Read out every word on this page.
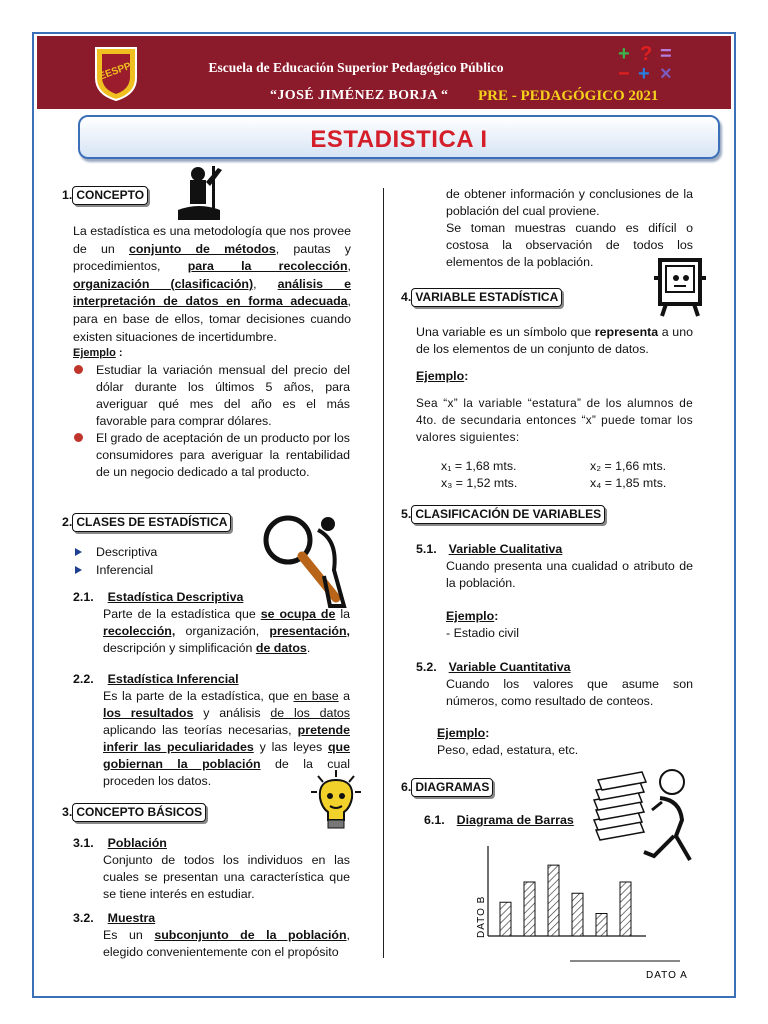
EESPP	Escuela de Educación Superior Pedagógico Público
“JOSÉ JIMÉNEZ BORJA “ PRE - PEDAGÓGICO 2021
+ ? =
− + ×
ESTADISTICA I
1. CONCEPTO
La estadística es una metodología que nos provee de un conjunto de métodos, pautas y procedimientos, para la recolección, organización (clasificación), análisis e interpretación de datos en forma adecuada, para en base de ellos, tomar decisiones cuando existen situaciones de incertidumbre.
Ejemplo :
Estudiar la variación mensual del precio del dólar durante los últimos 5 años, para averiguar qué mes del año es el más favorable para comprar dólares.
El grado de aceptación de un producto por los consumidores para averiguar la rentabilidad de un negocio dedicado a tal producto.
2. CLASES DE ESTADÍSTICA
Descriptiva
Inferencial
2.1. Estadística Descriptiva
Parte de la estadística que se ocupa de la recolección, organización, presentación, descripción y simplificación de datos.
2.2. Estadística Inferencial
Es la parte de la estadística, que en base a los resultados y análisis de los datos aplicando las teorías necesarias, pretende inferir las peculiaridades y las leyes que gobiernan la población de la cual proceden los datos.
3. CONCEPTO BÁSICOS
3.1. Población
Conjunto de todos los individuos en las cuales se presentan una característica que se tiene interés en estudiar.
3.2. Muestra
Es un subconjunto de la población, elegido convenientemente con el propósito
de obtener información y conclusiones de la población del cual proviene.
Se toman muestras cuando es difícil o costosa la observación de todos los elementos de la población.
4. VARIABLE ESTADÍSTICA
Una variable es un símbolo que representa a uno de los elementos de un conjunto de datos.
Ejemplo:
Sea “x” la variable “estatura” de los alumnos de 4to. de secundaria entonces “x” puede tomar los valores siguientes:
x₁ = 1,68 mts.	x₂ = 1,66 mts.
x₃ = 1,52 mts.	x₄ = 1,85 mts.
5. CLASIFICACIÓN DE VARIABLES
5.1. Variable Cualitativa
Cuando presenta una cualidad o atributo de la población.
Ejemplo:
- Estadio civil
5.2. Variable Cuantitativa
Cuando los valores que asume son números, como resultado de conteos.
Ejemplo:
Peso, edad, estatura, etc.
6. DIAGRAMAS
6.1. Diagrama de Barras
DATO A
DATO B
